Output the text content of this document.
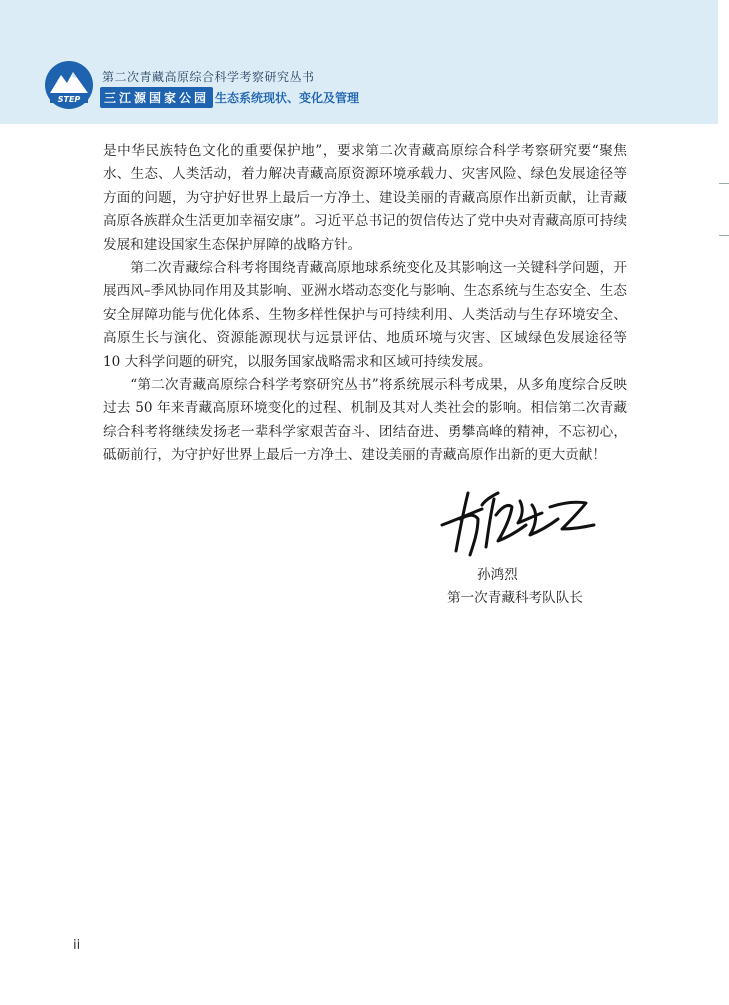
STEP
第二次青藏高原综合科学考察研究丛书
三江源国家公园 生态系统现状、变化及管理

是中华民族特色文化的重要保护地”，要求第二次青藏高原综合科学考察研究要“聚焦水、生态、人类活动，着力解决青藏高原资源环境承载力、灾害风险、绿色发展途径等方面的问题，为守护好世界上最后一方净土、建设美丽的青藏高原作出新贡献，让青藏高原各族群众生活更加幸福安康”。习近平总书记的贺信传达了党中央对青藏高原可持续发展和建设国家生态保护屏障的战略方针。

第二次青藏综合科考将围绕青藏高原地球系统变化及其影响这一关键科学问题，开展西风–季风协同作用及其影响、亚洲水塔动态变化与影响、生态系统与生态安全、生态安全屏障功能与优化体系、生物多样性保护与可持续利用、人类活动与生存环境安全、高原生长与演化、资源能源现状与远景评估、地质环境与灾害、区域绿色发展途径等 10 大科学问题的研究，以服务国家战略需求和区域可持续发展。

“第二次青藏高原综合科学考察研究丛书”将系统展示科考成果，从多角度综合反映过去 50 年来青藏高原环境变化的过程、机制及其对人类社会的影响。相信第二次青藏综合科考将继续发扬老一辈科学家艰苦奋斗、团结奋进、勇攀高峰的精神，不忘初心，砥砺前行，为守护好世界上最后一方净土、建设美丽的青藏高原作出新的更大贡献！

孙鸿烈
第一次青藏科考队队长
ii
